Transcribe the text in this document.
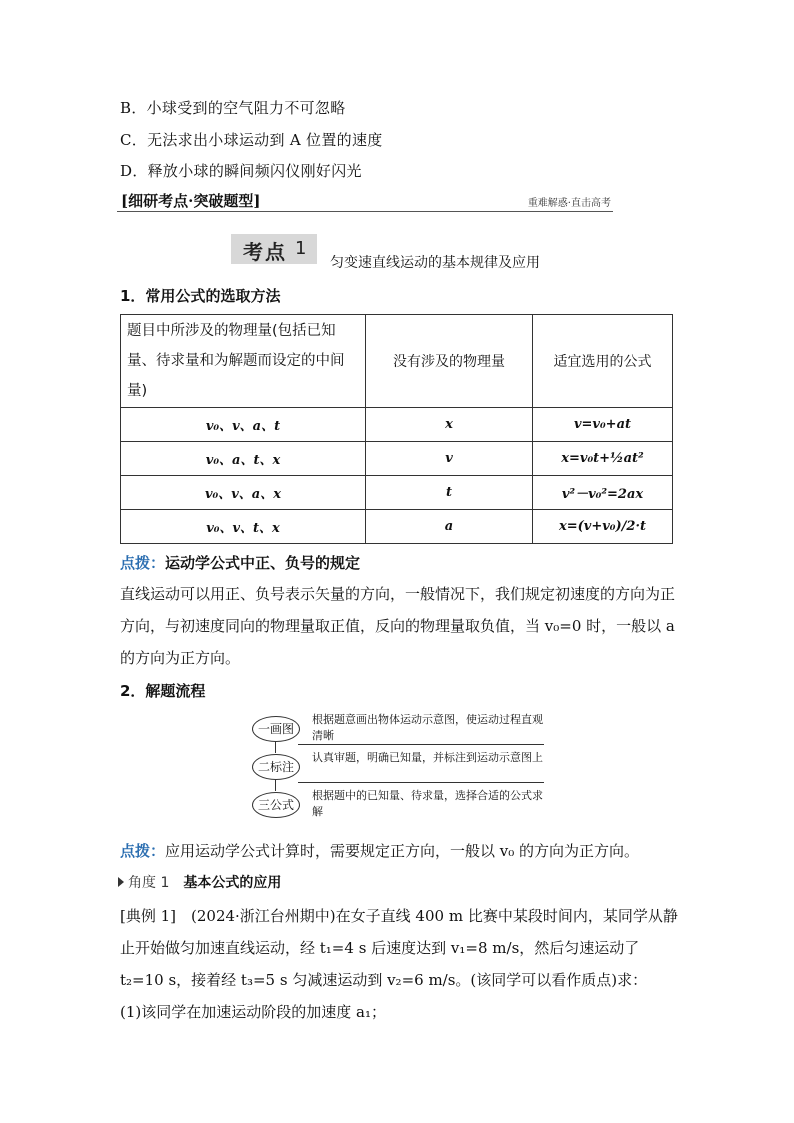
B．小球受到的空气阻力不可忽略
C．无法求出小球运动到 A 位置的速度
D．释放小球的瞬间频闪仪刚好闪光
[细研考点·突破题型]	重难解惑·直击高考
考点 1
匀变速直线运动的基本规律及应用
1．常用公式的选取方法
题目中所涉及的物理量(包括已知量、待求量和为解题而设定的中间量)	没有涉及的物理量	适宜选用的公式
v₀、v、a、t	x	v=v₀+at
v₀、a、t、x	v	x=v₀t+½at²
v₀、v、a、x	t	v²－v₀²=2ax
v₀、v、t、x	a	x=(v+v₀)/2·t
点拨：运动学公式中正、负号的规定
直线运动可以用正、负号表示矢量的方向，一般情况下，我们规定初速度的方向为正方向，与初速度同向的物理量取正值，反向的物理量取负值，当 v₀=0 时，一般以 a 的方向为正方向。
2．解题流程
一画图
根据题意画出物体运动示意图，使运动过程直观清晰
二标注
认真审题，明确已知量，并标注到运动示意图上
三公式
根据题中的已知量、待求量，选择合适的公式求解
点拨：应用运动学公式计算时，需要规定正方向，一般以 v₀ 的方向为正方向。
角度 1 基本公式的应用
[典例 1]　(2024·浙江台州期中)在女子直线 400 m 比赛中某段时间内，某同学从静止开始做匀加速直线运动，经 t₁=4 s 后速度达到 v₁=8 m/s，然后匀速运动了 t₂=10 s，接着经 t₃=5 s 匀减速运动到 v₂=6 m/s。(该同学可以看作质点)求：
(1)该同学在加速运动阶段的加速度 a₁；
